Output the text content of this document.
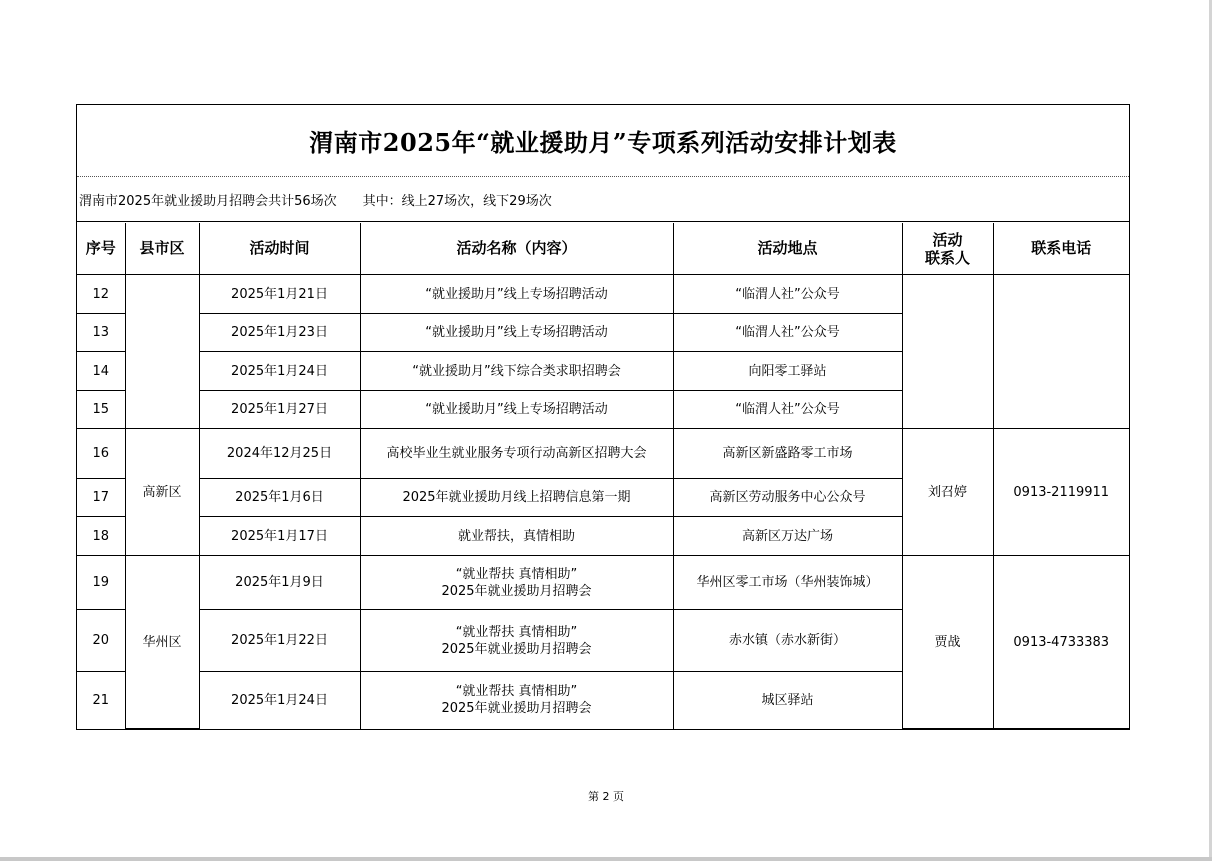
渭南市2025年“就业援助月”专项系列活动安排计划表
渭南市2025年就业援助月招聘会共计56场次 其中：线上27场次，线下29场次
序号	县市区	活动时间	活动名称（内容）	活动地点	活动
联系人	联系电话
12		2025年1月21日	“就业援助月”线上专场招聘活动	“临渭人社”公众号		
13		2025年1月23日	“就业援助月”线上专场招聘活动	“临渭人社”公众号		
14		2025年1月24日	“就业援助月”线下综合类求职招聘会	向阳零工驿站		
15		2025年1月27日	“就业援助月”线上专场招聘活动	“临渭人社”公众号		
16	高新区	2024年12月25日	高校毕业生就业服务专项行动高新区招聘大会	高新区新盛路零工市场	刘召婷	0913-2119911
17		2025年1月6日	2025年就业援助月线上招聘信息第一期	高新区劳动服务中心公众号		
18		2025年1月17日	就业帮扶，真情相助	高新区万达广场		
19	华州区	2025年1月9日	“就业帮扶 真情相助”
2025年就业援助月招聘会	华州区零工市场（华州装饰城）	贾战	0913-4733383
20		2025年1月22日	“就业帮扶 真情相助”
2025年就业援助月招聘会	赤水镇（赤水新街）		
21		2025年1月24日	“就业帮扶 真情相助”
2025年就业援助月招聘会	城区驿站		
第 2 页
